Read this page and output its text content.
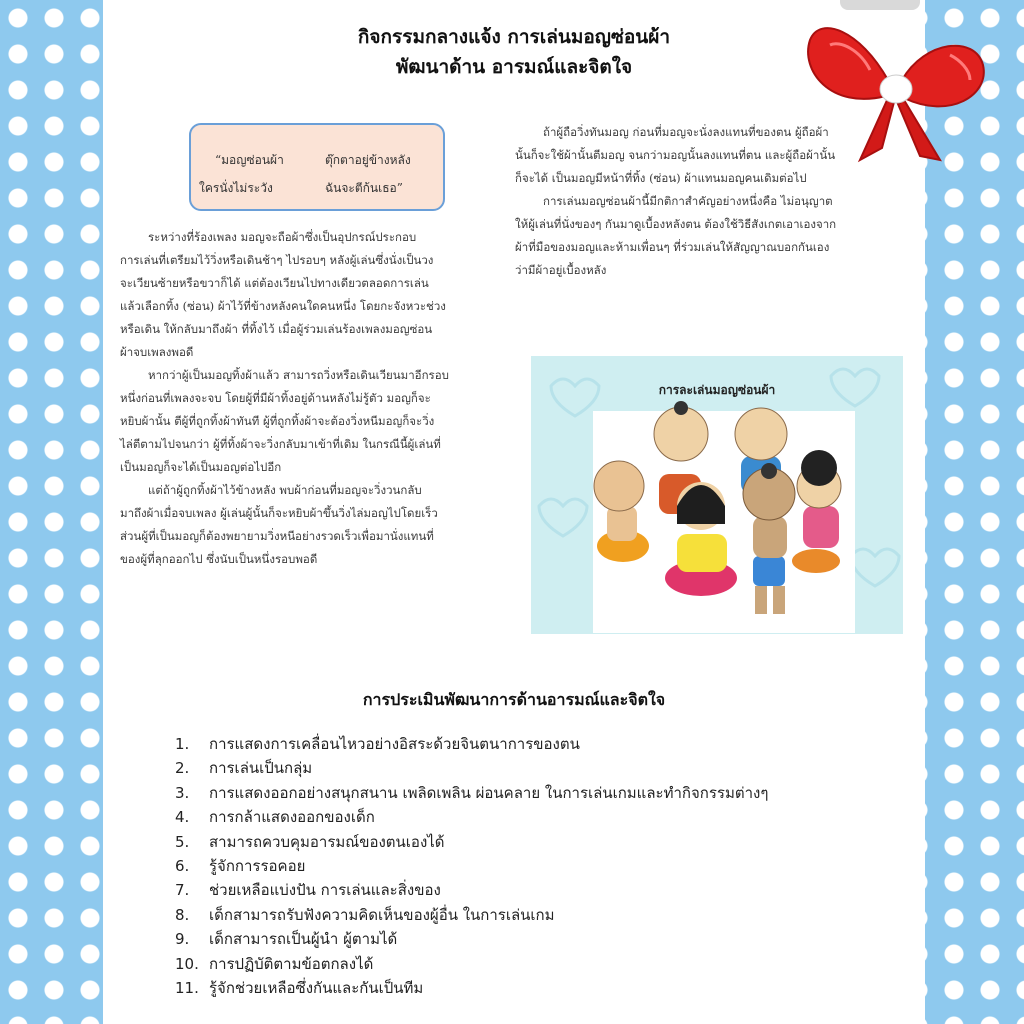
กิจกรรมกลางแจ้ง การเล่นมอญซ่อนผ้า
พัฒนาด้าน อารมณ์และจิตใจ
“มอญซ่อนผ้า	ตุ๊กตาอยู่ข้างหลัง
ใครนั่งไม่ระวัง	ฉันจะตีก้นเธอ”

ระหว่างที่ร้องเพลง มอญจะถือผ้าซึ่งเป็นอุปกรณ์ประกอบ

การเล่นที่เตรียมไว้วิ่งหรือเดินช้าๆ ไปรอบๆ หลังผู้เล่นซึ่งนั่งเป็นวง

จะเวียนซ้ายหรือขวาก็ได้ แต่ต้องเวียนไปทางเดียวตลอดการเล่น

แล้วเลือกทิ้ง (ซ่อน) ผ้าไว้ที่ข้างหลังคนใดคนหนึ่ง โดยกะจังหวะช่วง

หรือเดิน ให้กลับมาถึงผ้า ที่ทิ้งไว้ เมื่อผู้ร่วมเล่นร้องเพลงมอญซ่อน

ผ้าจบเพลงพอดี

หากว่าผู้เป็นมอญทิ้งผ้าแล้ว สามารถวิ่งหรือเดินเวียนมาอีกรอบ

หนึ่งก่อนที่เพลงจะจบ โดยผู้ที่มีผ้าทิ้งอยู่ด้านหลังไม่รู้ตัว มอญก็จะ

หยิบผ้านั้น ตีผู้ที่ถูกทิ้งผ้าทันที ผู้ที่ถูกทิ้งผ้าจะต้องวิ่งหนีมอญก็จะวิ่ง

ไล่ตีตามไปจนกว่า ผู้ที่ทิ้งผ้าจะวิ่งกลับมาเข้าที่เดิม ในกรณีนี้ผู้เล่นที่

เป็นมอญก็จะได้เป็นมอญต่อไปอีก

แต่ถ้าผู้ถูกทิ้งผ้าไว้ข้างหลัง พบผ้าก่อนที่มอญจะวิ่งวนกลับ

มาถึงผ้าเมื่อจบเพลง ผู้เล่นผู้นั้นก็จะหยิบผ้าขึ้นวิ่งไล่มอญไปโดยเร็ว

ส่วนผู้ที่เป็นมอญก็ต้องพยายามวิ่งหนีอย่างรวดเร็วเพื่อมานั่งแทนที่

ของผู้ที่ลุกออกไป ซึ่งนับเป็นหนึ่งรอบพอดี

ถ้าผู้ถือวิ่งทันมอญ ก่อนที่มอญจะนั่งลงแทนที่ของตน ผู้ถือผ้า

นั้นก็จะใช้ผ้านั้นตีมอญ จนกว่ามอญนั้นลงแทนที่ตน และผู้ถือผ้านั้น

ก็จะได้ เป็นมอญมีหน้าที่ทิ้ง (ซ่อน) ผ้าแทนมอญคนเดิมต่อไป

การเล่นมอญซ่อนผ้านี้มีกติกาสำคัญอย่างหนึ่งคือ ไม่อนุญาต

ให้ผู้เล่นที่นั่งของๆ กันมาดูเบื้องหลังตน ต้องใช้วิธีสังเกตเอาเองจาก

ผ้าที่มือของมอญและห้ามเพื่อนๆ ที่ร่วมเล่นให้สัญญาณบอกกันเอง

ว่ามีผ้าอยู่เบื้องหลัง

การละเล่นมอญซ่อนผ้า
การประเมินพัฒนาการด้านอารมณ์และจิตใจ
1. การแสดงการเคลื่อนไหวอย่างอิสระด้วยจินตนาการของตน
2. การเล่นเป็นกลุ่ม
3. การแสดงออกอย่างสนุกสนาน เพลิดเพลิน ผ่อนคลาย ในการเล่นเกมและทำกิจกรรมต่างๆ
4. การกล้าแสดงออกของเด็ก
5. สามารถควบคุมอารมณ์ของตนเองได้
6. รู้จักการรอคอย
7. ช่วยเหลือแบ่งปัน การเล่นและสิ่งของ
8. เด็กสามารถรับฟังความคิดเห็นของผู้อื่น ในการเล่นเกม
9. เด็กสามารถเป็นผู้นำ ผู้ตามได้
10. การปฏิบัติตามข้อตกลงได้
11. รู้จักช่วยเหลือซึ่งกันและกันเป็นทีม
